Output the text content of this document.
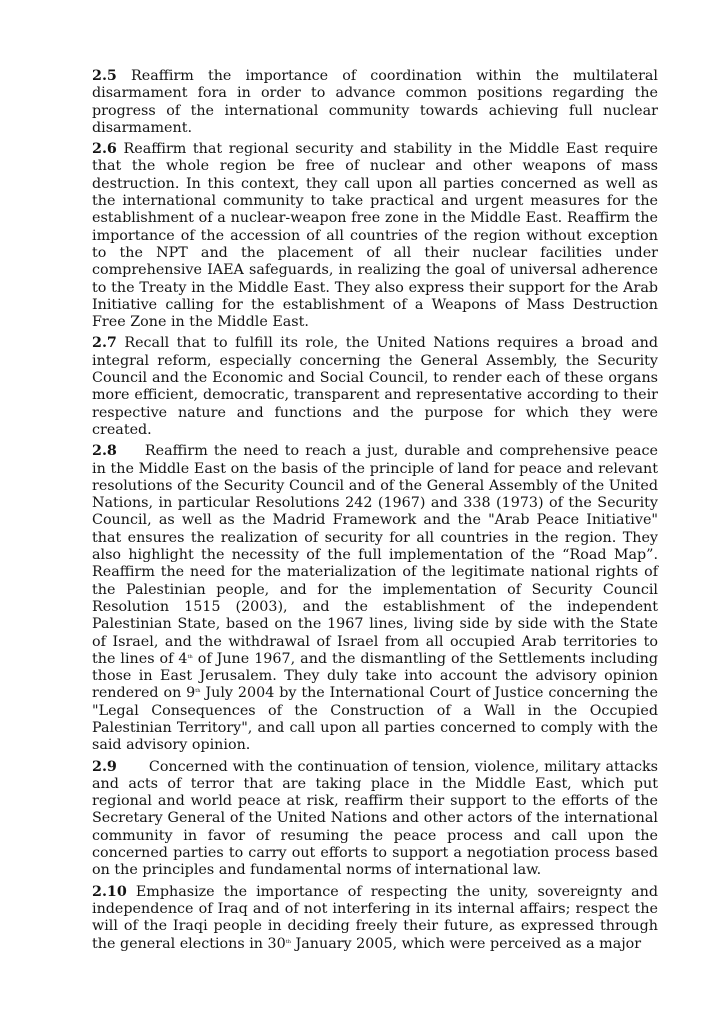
2.5 Reaffirm the importance of coordination within the multilateral disarmament fora in order to advance common positions regarding the progress of the international community towards achieving full nuclear disarmament.

2.6 Reaffirm that regional security and stability in the Middle East require that the whole region be free of nuclear and other weapons of mass destruction. In this context, they call upon all parties concerned as well as the international community to take practical and urgent measures for the establishment of a nuclear-weapon free zone in the Middle East. Reaffirm the importance of the accession of all countries of the region without exception to the NPT and the placement of all their nuclear facilities under comprehensive IAEA safeguards, in realizing the goal of universal adherence to the Treaty in the Middle East. They also express their support for the Arab Initiative calling for the establishment of a Weapons of Mass Destruction Free Zone in the Middle East.

2.7 Recall that to fulfill its role, the United Nations requires a broad and integral reform, especially concerning the General Assembly, the Security Council and the Economic and Social Council, to render each of these organs more efficient, democratic, transparent and representative according to their respective nature and functions and the purpose for which they were created.

2.8 Reaffirm the need to reach a just, durable and comprehensive peace in the Middle East on the basis of the principle of land for peace and relevant resolutions of the Security Council and of the General Assembly of the United Nations, in particular Resolutions 242 (1967) and 338 (1973) of the Security Council, as well as the Madrid Framework and the "Arab Peace Initiative" that ensures the realization of security for all countries in the region. They also highlight the necessity of the full implementation of the “Road Map”. Reaffirm the need for the materialization of the legitimate national rights of the Palestinian people, and for the implementation of Security Council Resolution 1515 (2003), and the establishment of the independent Palestinian State, based on the 1967 lines, living side by side with the State of Israel, and the withdrawal of Israel from all occupied Arab territories to the lines of 4th of June 1967, and the dismantling of the Settlements including those in East Jerusalem. They duly take into account the advisory opinion rendered on 9th July 2004 by the International Court of Justice concerning the "Legal Consequences of the Construction of a Wall in the Occupied Palestinian Territory", and call upon all parties concerned to comply with the said advisory opinion.

2.9 Concerned with the continuation of tension, violence, military attacks and acts of terror that are taking place in the Middle East, which put regional and world peace at risk, reaffirm their support to the efforts of the Secretary General of the United Nations and other actors of the international community in favor of resuming the peace process and call upon the concerned parties to carry out efforts to support a negotiation process based on the principles and fundamental norms of international law.

2.10 Emphasize the importance of respecting the unity, sovereignty and independence of Iraq and of not interfering in its internal affairs; respect the will of the Iraqi people in deciding freely their future, as expressed through the general elections in 30th January 2005, which were perceived as a major
